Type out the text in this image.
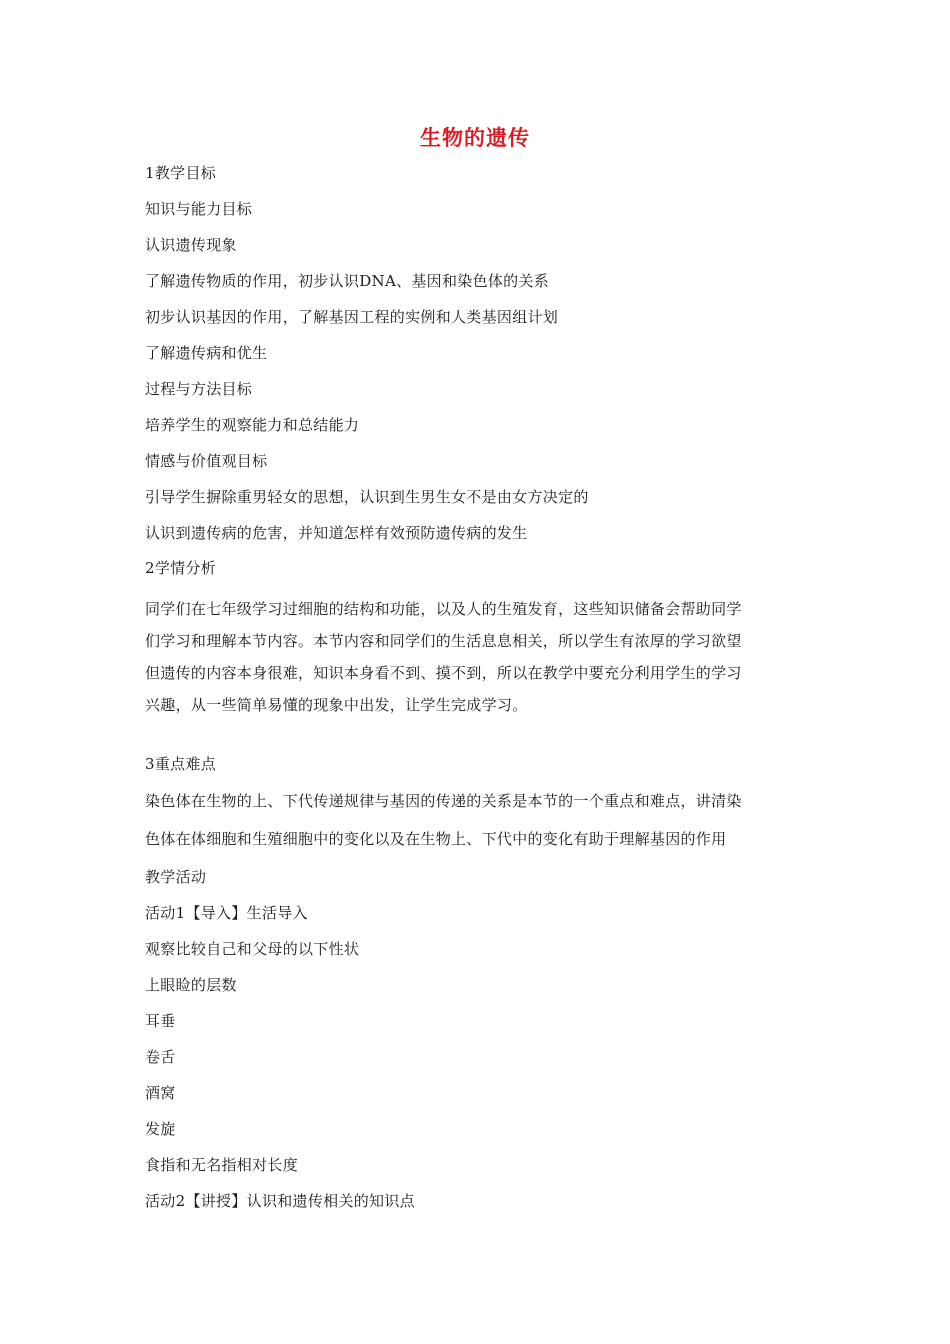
生物的遗传
1教学目标
知识与能力目标
认识遗传现象
了解遗传物质的作用，初步认识DNA、基因和染色体的关系
初步认识基因的作用，了解基因工程的实例和人类基因组计划
了解遗传病和优生
过程与方法目标
培养学生的观察能力和总结能力
情感与价值观目标
引导学生摒除重男轻女的思想，认识到生男生女不是由女方决定的
认识到遗传病的危害，并知道怎样有效预防遗传病的发生
2学情分析
同学们在七年级学习过细胞的结构和功能，以及人的生殖发育，这些知识储备会帮助同学
们学习和理解本节内容。本节内容和同学们的生活息息相关，所以学生有浓厚的学习欲望
但遗传的内容本身很难，知识本身看不到、摸不到，所以在教学中要充分利用学生的学习
兴趣，从一些简单易懂的现象中出发，让学生完成学习。
3重点难点
染色体在生物的上、下代传递规律与基因的传递的关系是本节的一个重点和难点，讲清染
色体在体细胞和生殖细胞中的变化以及在生物上、下代中的变化有助于理解基因的作用
教学活动
活动1【导入】生活导入
观察比较自己和父母的以下性状
上眼睑的层数
耳垂
卷舌
酒窝
发旋
食指和无名指相对长度
活动2【讲授】认识和遗传相关的知识点
